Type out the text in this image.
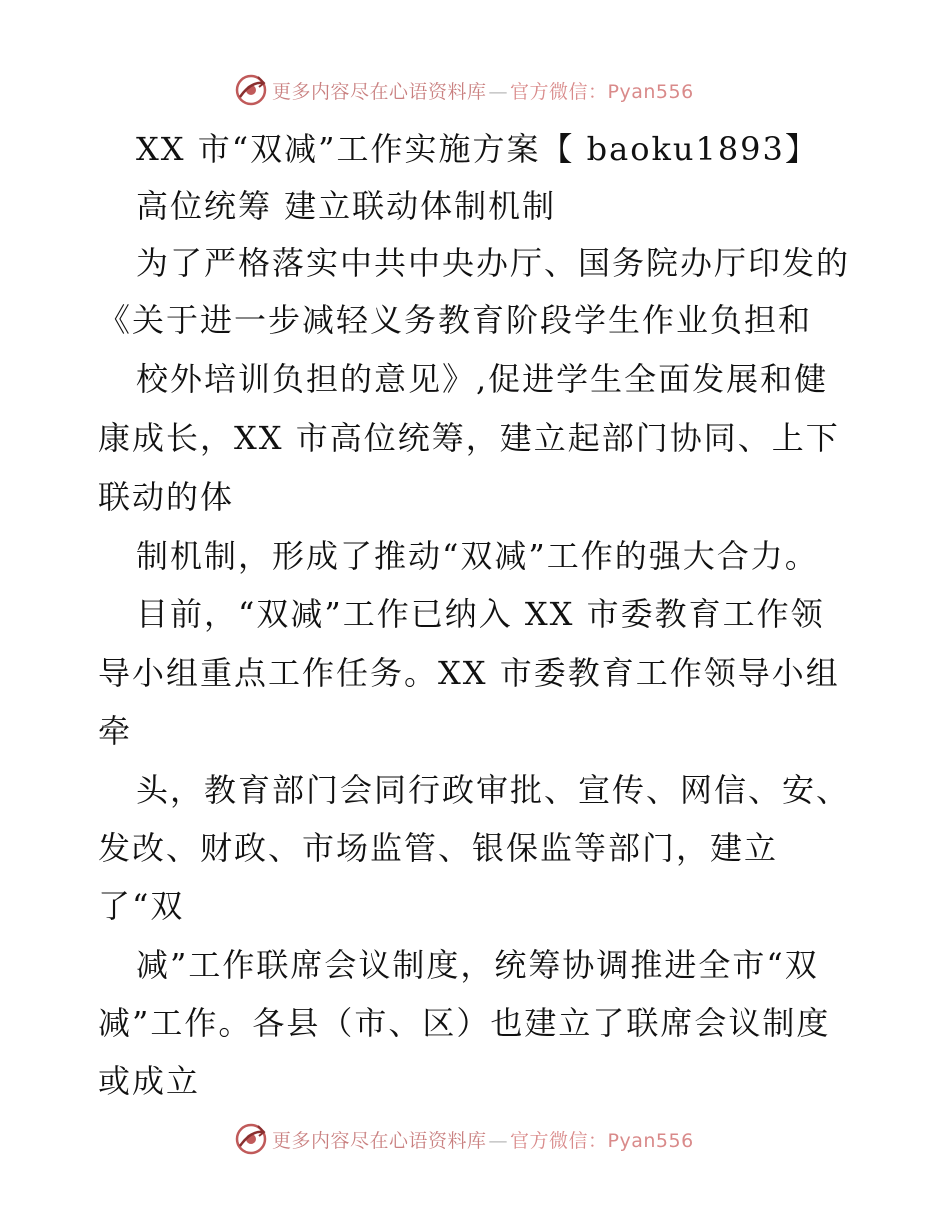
更多内容尽在心语资料库 — 官方微信：Pyan556
XX 市“双减”工作实施方案【 baoku1893】
高位统筹 建立联动体制机制
为了严格落实中共中央办厅、国务院办厅印发的
《关于进一步减轻义务教育阶段学生作业负担和
校外培训负担的意见》,促进学生全面发展和健
康成长，XX 市高位统筹，建立起部门协同、上下
联动的体
制机制，形成了推动“双减”工作的强大合力。
目前，“双减”工作已纳入 XX 市委教育工作领
导小组重点工作任务。XX 市委教育工作领导小组
牵
头，教育部门会同行政审批、宣传、网信、安、
发改、财政、市场监管、银保监等部门，建立
了“双
减”工作联席会议制度，统筹协调推进全市“双
减”工作。各县（市、区）也建立了联席会议制度
或成立
更多内容尽在心语资料库 — 官方微信：Pyan556
